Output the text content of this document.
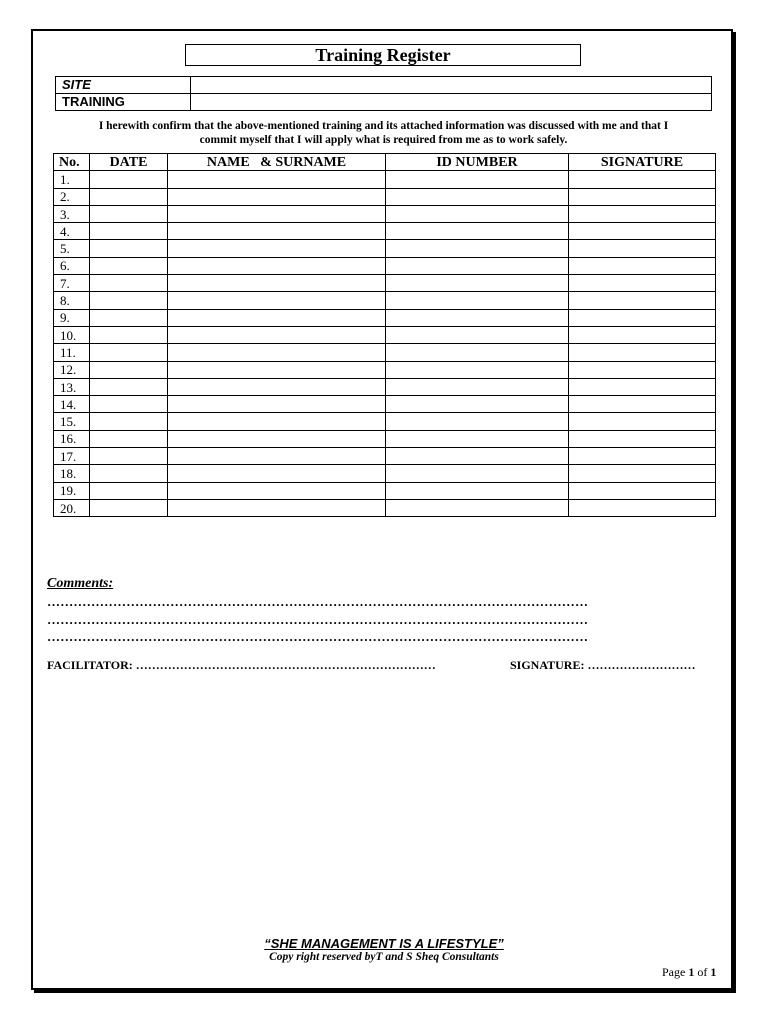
Training Register
SITE	
TRAINING	
I herewith confirm that the above-mentioned training and its attached information was discussed with me and that I
commit myself that I will apply what is required from me as to work safely.
No.	DATE	NAME   & SURNAME	ID NUMBER	SIGNATURE
1.				
2.				
3.				
4.				
5.				
6.				
7.				
8.				
9.				
10.				
11.				
12.				
13.				
14.				
15.				
16.				
17.				
18.				
19.				
20.				
Comments:
……………………………………………………………………………………………………………
……………………………………………………………………………………………………………
……………………………………………………………………………………………………………
FACILITATOR: …………………………………………………………………	SIGNATURE: ………………………
“SHE MANAGEMENT IS A LIFESTYLE”
Copy right reserved byT and S Sheq Consultants
Page 1 of 1
